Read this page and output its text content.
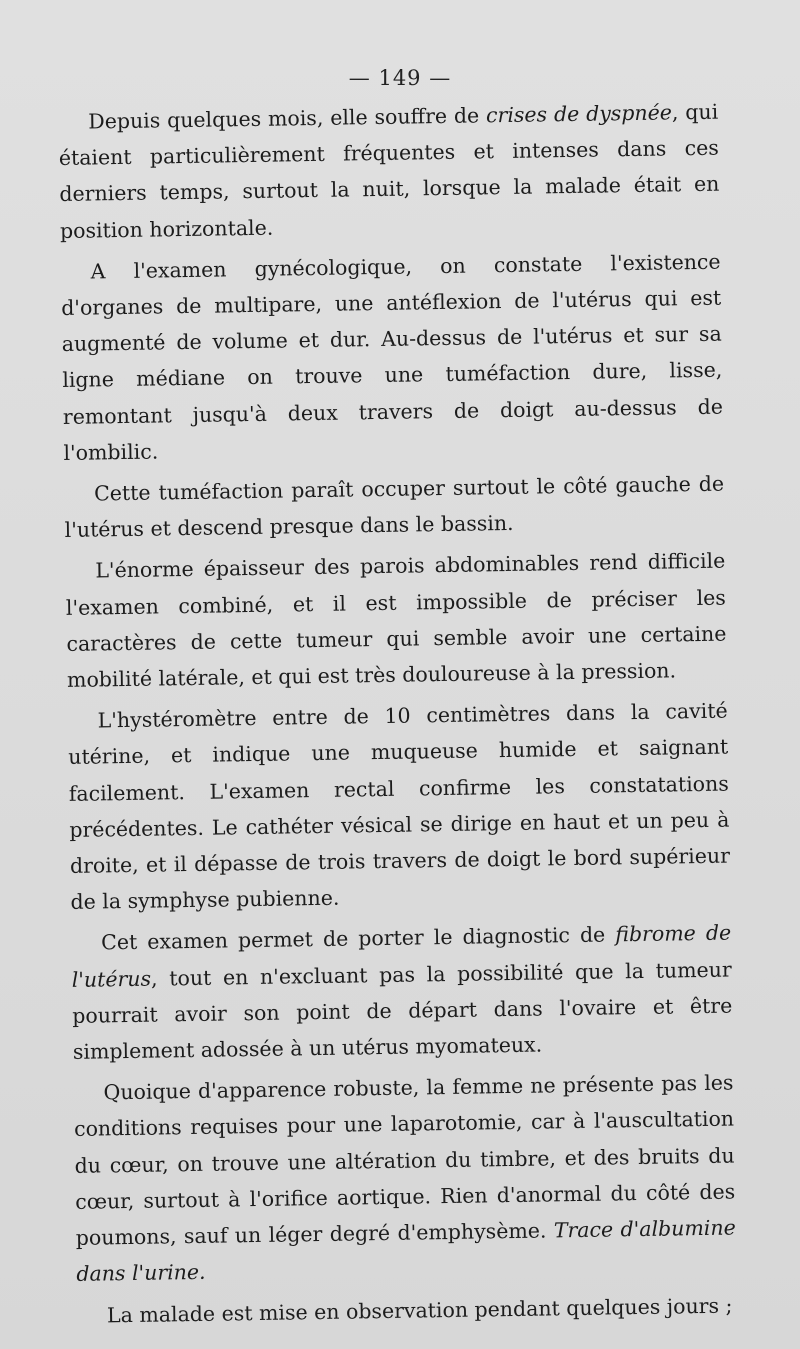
— 149 —

Depuis quelques mois, elle souffre de crises de dyspnée, qui étaient particulièrement fréquentes et intenses dans ces derniers temps, surtout la nuit, lorsque la malade était en position horizontale.

A l'examen gynécologique, on constate l'existence d'organes de multipare, une antéflexion de l'utérus qui est augmenté de volume et dur. Au-dessus de l'utérus et sur sa ligne médiane on trouve une tuméfaction dure, lisse, remontant jusqu'à deux travers de doigt au-dessus de l'ombilic.

Cette tuméfaction paraît occuper surtout le côté gauche de l'utérus et descend presque dans le bassin.

L'énorme épaisseur des parois abdominables rend difficile l'examen combiné, et il est impossible de préciser les caractères de cette tumeur qui semble avoir une certaine mobilité latérale, et qui est très douloureuse à la pression.

L'hystéromètre entre de 10 centimètres dans la cavité utérine, et indique une muqueuse humide et saignant facilement. L'examen rectal confirme les constatations précédentes. Le cathéter vésical se dirige en haut et un peu à droite, et il dépasse de trois travers de doigt le bord supérieur de la symphyse pubienne.

Cet examen permet de porter le diagnostic de fibrome de l'utérus, tout en n'excluant pas la possibilité que la tumeur pourrait avoir son point de départ dans l'ovaire et être simplement adossée à un utérus myomateux.

Quoique d'apparence robuste, la femme ne présente pas les conditions requises pour une laparotomie, car à l'auscultation du cœur, on trouve une altération du timbre, et des bruits du cœur, surtout à l'orifice aortique. Rien d'anormal du côté des poumons, sauf un léger degré d'emphysème. Trace d'albumine dans l'urine.

La malade est mise en observation pendant quelques jours ;
